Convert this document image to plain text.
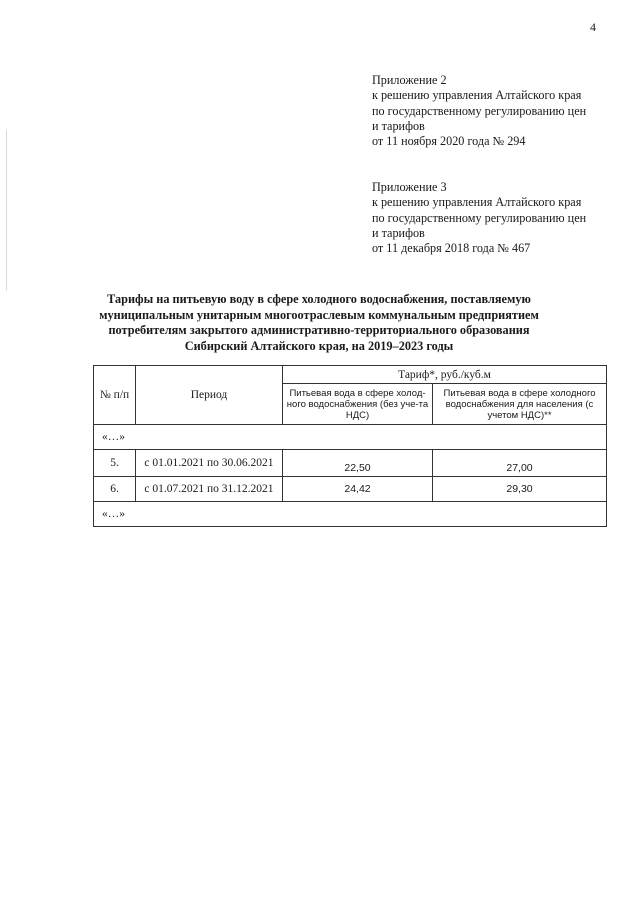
4
Приложение 2
к решению управления Алтайского края
по государственному регулированию цен
и тарифов
от 11 ноября 2020 года № 294
Приложение 3
к решению управления Алтайского края
по государственному регулированию цен
и тарифов
от 11 декабря 2018 года № 467
Тарифы на питьевую воду в сфере холодного водоснабжения, поставляемую
муниципальным унитарным многоотраслевым коммунальным предприятием
потребителям закрытого административно-территориального образования
Сибирский Алтайского края, на 2019–2023 годы
№ п/п	Период	Тариф*, руб./куб.м	
		Питьевая вода в сфере холод-ного водоснабжения (без уче-та НДС)	Питьевая вода в сфере холодного водоснабжения для населения (с учетом НДС)**
«…»			
5.	с 01.01.2021 по 30.06.2021	22,50	27,00
6.	с 01.07.2021 по 31.12.2021	24,42	29,30
«…»			
